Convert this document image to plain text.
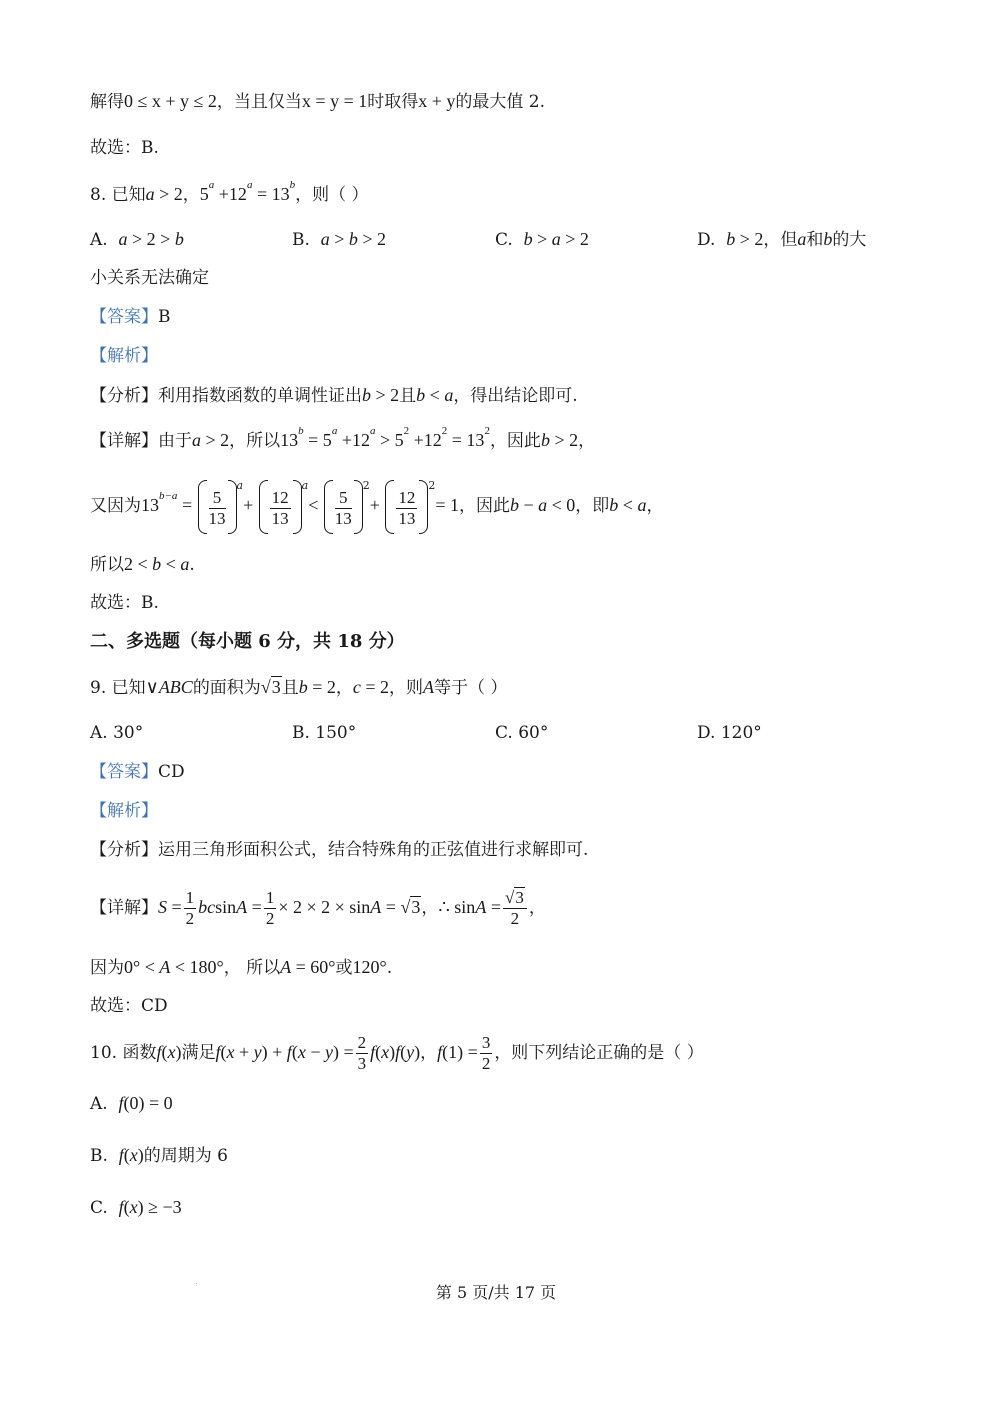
解得0 ≤ x + y ≤ 2，当且仅当x = y = 1时取得x + y的最大值 2.
故选：B.
8. 已知a > 2，$5^a +12^a = 13^b$，则（ ）
A. a > 2 > b	B. a > b > 2	C. b > a > 2	D. b > 2，但a和b的大
小关系无法确定
【答案】B
【解析】
【分析】利用指数函数的单调性证出b > 2且b < a，得出结论即可.
【详解】由于a > 2，所以$13^b = 5^a +12^a > 5^2 +12^2 = 13^2$，因此b > 2，
又因为$13^{b-a} = \frac{5}{13}$
$^a+ \frac{12}{13}$
$^a< \frac{5}{13}$
$^2+ \frac{12}{13}$
$^2$= 1，因此b − a < 0，即b < a，
所以2 < b < a.
故选：B.
二、多选题（每小题 6 分，共 18 分）
9. 已知∨ABC的面积为√3且b = 2，c = 2，则A等于（ ）
A. 30°	B. 150°	C. 60°	D. 120°
【答案】CD
【解析】
【分析】运用三角形面积公式，结合特殊角的正弦值进行求解即可.
【详解】$S = \frac{1}{2}$ $bcsinA = \frac{1}{2} \times 2 \times 2 \times \sin A = √3$，∴ $\sin A = \frac{√3}{2}$ ，
因为0° < A < 180°， 所以A = 60°或120°.
故选：CD
10. 函数f(x)满足$f(x + y) + f(x - y) = \frac{2}{3} f(x)f(y)$，$f(1) = \frac{3}{2}$ ，则下列结论正确的是（ ）
A. f(0) = 0
B. f(x)的周期为 6
C. f(x) ≥ −3
第 5 页/共 17 页
